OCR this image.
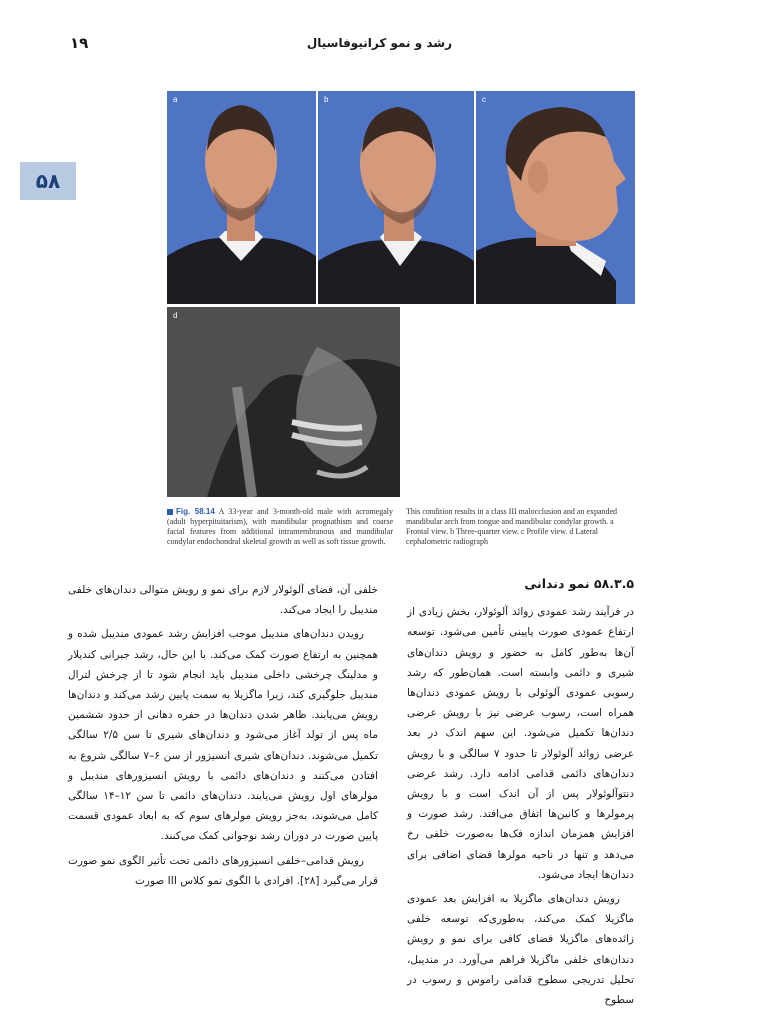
۱۹	رشد و نمو کرانیوفاسیال
۵۸
a	b	c
d
Fig. 58.14 A 33-year and 3-month-old male with acromegaly (adult hyperpituitarism), with mandibular prognathism and coarse facial features from additional intramembranous and mandibular condylar endochondral skeletal growth as well as soft tissue growth.
This condition results in a class III malocclusion and an expanded mandibular arch from tongue and mandibular condylar growth. a Frontal view. b Three-quarter view. c Profile view. d Lateral cephalometric radiograph
۵۸.۳.۵ نمو دندانی

در فرآیند رشد عمودی زوائد آلوئولار، بخش زیادی از ارتفاع عمودی صورت پایینی تأمین می‌شود. توسعه آن‌ها به‌طور کامل به حضور و رویش دندان‌های شیری و دائمی وابسته است. همان‌طور که رشد رسوبی عمودی آلوئولی با رویش عمودی دندان‌ها همراه است، رسوب عرضی نیز با رویش عرضی دندان‌ها تکمیل می‌شود. این سهم اندک در بعد عرضی زوائد آلوئولار تا حدود ۷ سالگی و با رویش دندان‌های دائمی قدامی ادامه دارد. رشد عرضی دنتوآلوئولار پس از آن اندک است و با رویش پرمولرها و کانین‌ها اتفاق می‌افتد. رشد صورت و افزایش همزمان اندازه فک‌ها به‌صورت خلفی رخ می‌دهد و تنها در ناحیه مولرها فضای اضافی برای دندان‌ها ایجاد می‌شود.

رویش دندان‌های ماگزیلا به افزایش بعد عمودی ماگزیلا کمک می‌کند، به‌طوری‌که توسعه خلفی زائده‌های ماگزیلا فضای کافی برای نمو و رویش دندان‌های خلفی ماگزیلا فراهم می‌آورد. در مندیبل، تحلیل تدریجی سطوح قدامی راموس و رسوب در سطوح

خلفی آن، فضای آلوئولار لازم برای نمو و رویش متوالی دندان‌های خلفی مندیبل را ایجاد می‌کند.

رویدن دندان‌های مندیبل موجب افزایش رشد عمودی مندیبل شده و همچنین به ارتفاع صورت کمک می‌کند. با این حال، رشد جبرانی کندیلار و مدلینگ چرخشی داخلی مندیبل باید انجام شود تا از چرخش لترال مندیبل جلوگیری کند، زیرا ماگزیلا به سمت پایین رشد می‌کند و دندان‌ها رویش می‌یابند. ظاهر شدن دندان‌ها در حفره دهانی از حدود ششمین ماه پس از تولد آغاز می‌شود و دندان‌های شیری تا سن ۲/۵ سالگی تکمیل می‌شوند. دندان‌های شیری انسیزور از سن ۶–۷ سالگی شروع به افتادن می‌کنند و دندان‌های دائمی با رویش انسیزورهای مندیبل و مولرهای اول رویش می‌یابند. دندان‌های دائمی تا سن ۱۲–۱۴ سالگی کامل می‌شوند، به‌جز رویش مولرهای سوم که به ابعاد عمودی قسمت پایین صورت در دوران رشد نوجوانی کمک می‌کنند.

رویش قدامی–خلفی انسیزورهای دائمی تحت تأثیر الگوی نمو صورت قرار می‌گیرد [۲۸]. افرادی با الگوی نمو کلاس III صورت
